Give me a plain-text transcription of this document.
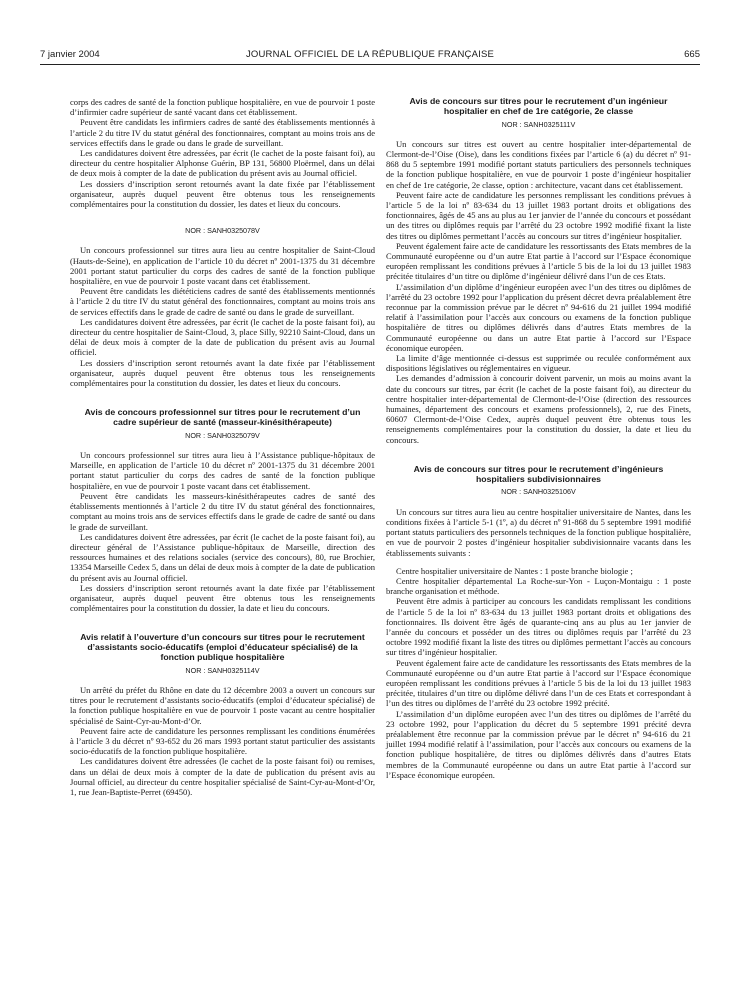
7 janvier 2004	JOURNAL OFFICIEL DE LA RÉPUBLIQUE FRANÇAISE	665

corps des cadres de santé de la fonction publique hospitalière, en vue de pourvoir 1 poste d’infirmier cadre supérieur de santé vacant dans cet établissement.

Peuvent être candidats les infirmiers cadres de santé des établissements mentionnés à l’article 2 du titre IV du statut général des fonctionnaires, comptant au moins trois ans de services effectifs dans le grade ou dans le grade de surveillant.

Les candidatures doivent être adressées, par écrit (le cachet de la poste faisant foi), au directeur du centre hospitalier Alphonse Guérin, BP 131, 56800 Ploërmel, dans un délai de deux mois à compter de la date de publication du présent avis au Journal officiel.

Les dossiers d’inscription seront retournés avant la date fixée par l’établissement organisateur, auprès duquel peuvent être obtenus tous les renseignements complémentaires pour la constitution du dossier, les dates et lieux du concours.

NOR : SANH0325078V

Un concours professionnel sur titres aura lieu au centre hospitalier de Saint-Cloud (Hauts-de-Seine), en application de l’article 10 du décret nº 2001-1375 du 31 décembre 2001 portant statut particulier du corps des cadres de santé de la fonction publique hospitalière, en vue de pourvoir 1 poste vacant dans cet établissement.

Peuvent être candidats les diététiciens cadres de santé des établissements mentionnés à l’article 2 du titre IV du statut général des fonctionnaires, comptant au moins trois ans de services effectifs dans le grade de cadre de santé ou dans le grade de surveillant.

Les candidatures doivent être adressées, par écrit (le cachet de la poste faisant foi), au directeur du centre hospitalier de Saint-Cloud, 3, place Silly, 92210 Saint-Cloud, dans un délai de deux mois à compter de la date de publication du présent avis au Journal officiel.

Les dossiers d’inscription seront retournés avant la date fixée par l’établissement organisateur, auprès duquel peuvent être obtenus tous les renseignements complémentaires pour la constitution du dossier, les dates et lieux du concours.

Avis de concours professionnel sur titres pour le recrutement d’un cadre supérieur de santé (masseur-kinésithérapeute)
NOR : SANH0325079V

Un concours professionnel sur titres aura lieu à l’Assistance publique-hôpitaux de Marseille, en application de l’article 10 du décret nº 2001-1375 du 31 décembre 2001 portant statut particulier du corps des cadres de santé de la fonction publique hospitalière, en vue de pourvoir 1 poste vacant dans cet établissement.

Peuvent être candidats les masseurs-kinésithérapeutes cadres de santé des établissements mentionnés à l’article 2 du titre IV du statut général des fonctionnaires, comptant au moins trois ans de services effectifs dans le grade de cadre de santé ou dans le grade de surveillant.

Les candidatures doivent être adressées, par écrit (le cachet de la poste faisant foi), au directeur général de l’Assistance publique-hôpitaux de Marseille, direction des ressources humaines et des relations sociales (service des concours), 80, rue Brochier, 13354 Marseille Cedex 5, dans un délai de deux mois à compter de la date de publication du présent avis au Journal officiel.

Les dossiers d’inscription seront retournés avant la date fixée par l’établissement organisateur, auprès duquel peuvent être obtenus tous les renseignements complémentaires pour la constitution du dossier, la date et lieu du concours.

Avis relatif à l’ouverture d’un concours sur titres pour le recrutement d’assistants socio-éducatifs (emploi d’éducateur spécialisé) de la fonction publique hospitalière
NOR : SANH0325114V

Un arrêté du préfet du Rhône en date du 12 décembre 2003 a ouvert un concours sur titres pour le recrutement d’assistants socio-éducatifs (emploi d’éducateur spécialisé) de la fonction publique hospitalière en vue de pourvoir 1 poste vacant au centre hospitalier spécialisé de Saint-Cyr-au-Mont-d’Or.

Peuvent faire acte de candidature les personnes remplissant les conditions énumérées à l’article 3 du décret nº 93-652 du 26 mars 1993 portant statut particulier des assistants socio-éducatifs de la fonction publique hospitalière.

Les candidatures doivent être adressées (le cachet de la poste faisant foi) ou remises, dans un délai de deux mois à compter de la date de publication du présent avis au Journal officiel, au directeur du centre hospitalier spécialisé de Saint-Cyr-au-Mont-d’Or, 1, rue Jean-Baptiste-Perret (69450).

Avis de concours sur titres pour le recrutement d’un ingénieur hospitalier en chef de 1re catégorie, 2e classe
NOR : SANH0325111V

Un concours sur titres est ouvert au centre hospitalier inter-départemental de Clermont-de-l’Oise (Oise), dans les conditions fixées par l’article 6 (a) du décret nº 91-868 du 5 septembre 1991 modifié portant statuts particuliers des personnels techniques de la fonction publique hospitalière, en vue de pourvoir 1 poste d’ingénieur hospitalier en chef de 1re catégorie, 2e classe, option : architecture, vacant dans cet établissement.

Peuvent faire acte de candidature les personnes remplissant les conditions prévues à l’article 5 de la loi nº 83-634 du 13 juillet 1983 portant droits et obligations des fonctionnaires, âgés de 45 ans au plus au 1er janvier de l’année du concours et possédant un des titres ou diplômes requis par l’arrêté du 23 octobre 1992 modifié fixant la liste des titres ou diplômes permettant l’accès au concours sur titres d’ingénieur hospitalier.

Peuvent également faire acte de candidature les ressortissants des Etats membres de la Communauté européenne ou d’un autre Etat partie à l’accord sur l’Espace économique européen remplissant les conditions prévues à l’article 5 bis de la loi du 13 juillet 1983 précitée titulaires d’un titre ou diplôme d’ingénieur délivré dans l’un de ces Etats.

L’assimilation d’un diplôme d’ingénieur européen avec l’un des titres ou diplômes de l’arrêté du 23 octobre 1992 pour l’application du présent décret devra préalablement être reconnue par la commission prévue par le décret nº 94-616 du 21 juillet 1994 modifié relatif à l’assimilation pour l’accès aux concours ou examens de la fonction publique hospitalière de titres ou diplômes délivrés dans d’autres Etats membres de la Communauté européenne ou dans un autre Etat partie à l’accord sur l’Espace économique européen.

La limite d’âge mentionnée ci-dessus est supprimée ou reculée conformément aux dispositions législatives ou réglementaires en vigueur.

Les demandes d’admission à concourir doivent parvenir, un mois au moins avant la date du concours sur titres, par écrit (le cachet de la poste faisant foi), au directeur du centre hospitalier inter-départemental de Clermont-de-l’Oise (direction des ressources humaines, département des concours et examens professionnels), 2, rue des Finets, 60607 Clermont-de-l’Oise Cedex, auprès duquel peuvent être obtenus tous les renseignements complémentaires pour la constitution du dossier, la date et lieu du concours.

Avis de concours sur titres pour le recrutement d’ingénieurs hospitaliers subdivisionnaires
NOR : SANH0325106V

Un concours sur titres aura lieu au centre hospitalier universitaire de Nantes, dans les conditions fixées à l’article 5-1 (1º, a) du décret nº 91-868 du 5 septembre 1991 modifié portant statuts particuliers des personnels techniques de la fonction publique hospitalière, en vue de pourvoir 2 postes d’ingénieur hospitalier subdivisionnaire vacants dans les établissements suivants :

Centre hospitalier universitaire de Nantes : 1 poste branche biologie ;

Centre hospitalier départemental La Roche-sur-Yon - Luçon-Montaigu : 1 poste branche organisation et méthode.

Peuvent être admis à participer au concours les candidats remplissant les conditions de l’article 5 de la loi nº 83-634 du 13 juillet 1983 portant droits et obligations des fonctionnaires. Ils doivent être âgés de quarante-cinq ans au plus au 1er janvier de l’année du concours et posséder un des titres ou diplômes requis par l’arrêté du 23 octobre 1992 modifié fixant la liste des titres ou diplômes permettant l’accès au concours sur titres d’ingénieur hospitalier.

Peuvent également faire acte de candidature les ressortissants des Etats membres de la Communauté européenne ou d’un autre Etat partie à l’accord sur l’Espace économique européen remplissant les conditions prévues à l’article 5 bis de la loi du 13 juillet 1983 précitée, titulaires d’un titre ou diplôme délivré dans l’un de ces Etats et correspondant à l’un des titres ou diplômes de l’arrêté du 23 octobre 1992 précité.

L’assimilation d’un diplôme européen avec l’un des titres ou diplômes de l’arrêté du 23 octobre 1992, pour l’application du décret du 5 septembre 1991 précité devra préalablement être reconnue par la commission prévue par le décret nº 94-616 du 21 juillet 1994 modifié relatif à l’assimilation, pour l’accès aux concours ou examens de la fonction publique hospitalière, de titres ou diplômes délivrés dans d’autres Etats membres de la Communauté européenne ou dans un autre Etat partie à l’accord sur l’Espace économique européen.
